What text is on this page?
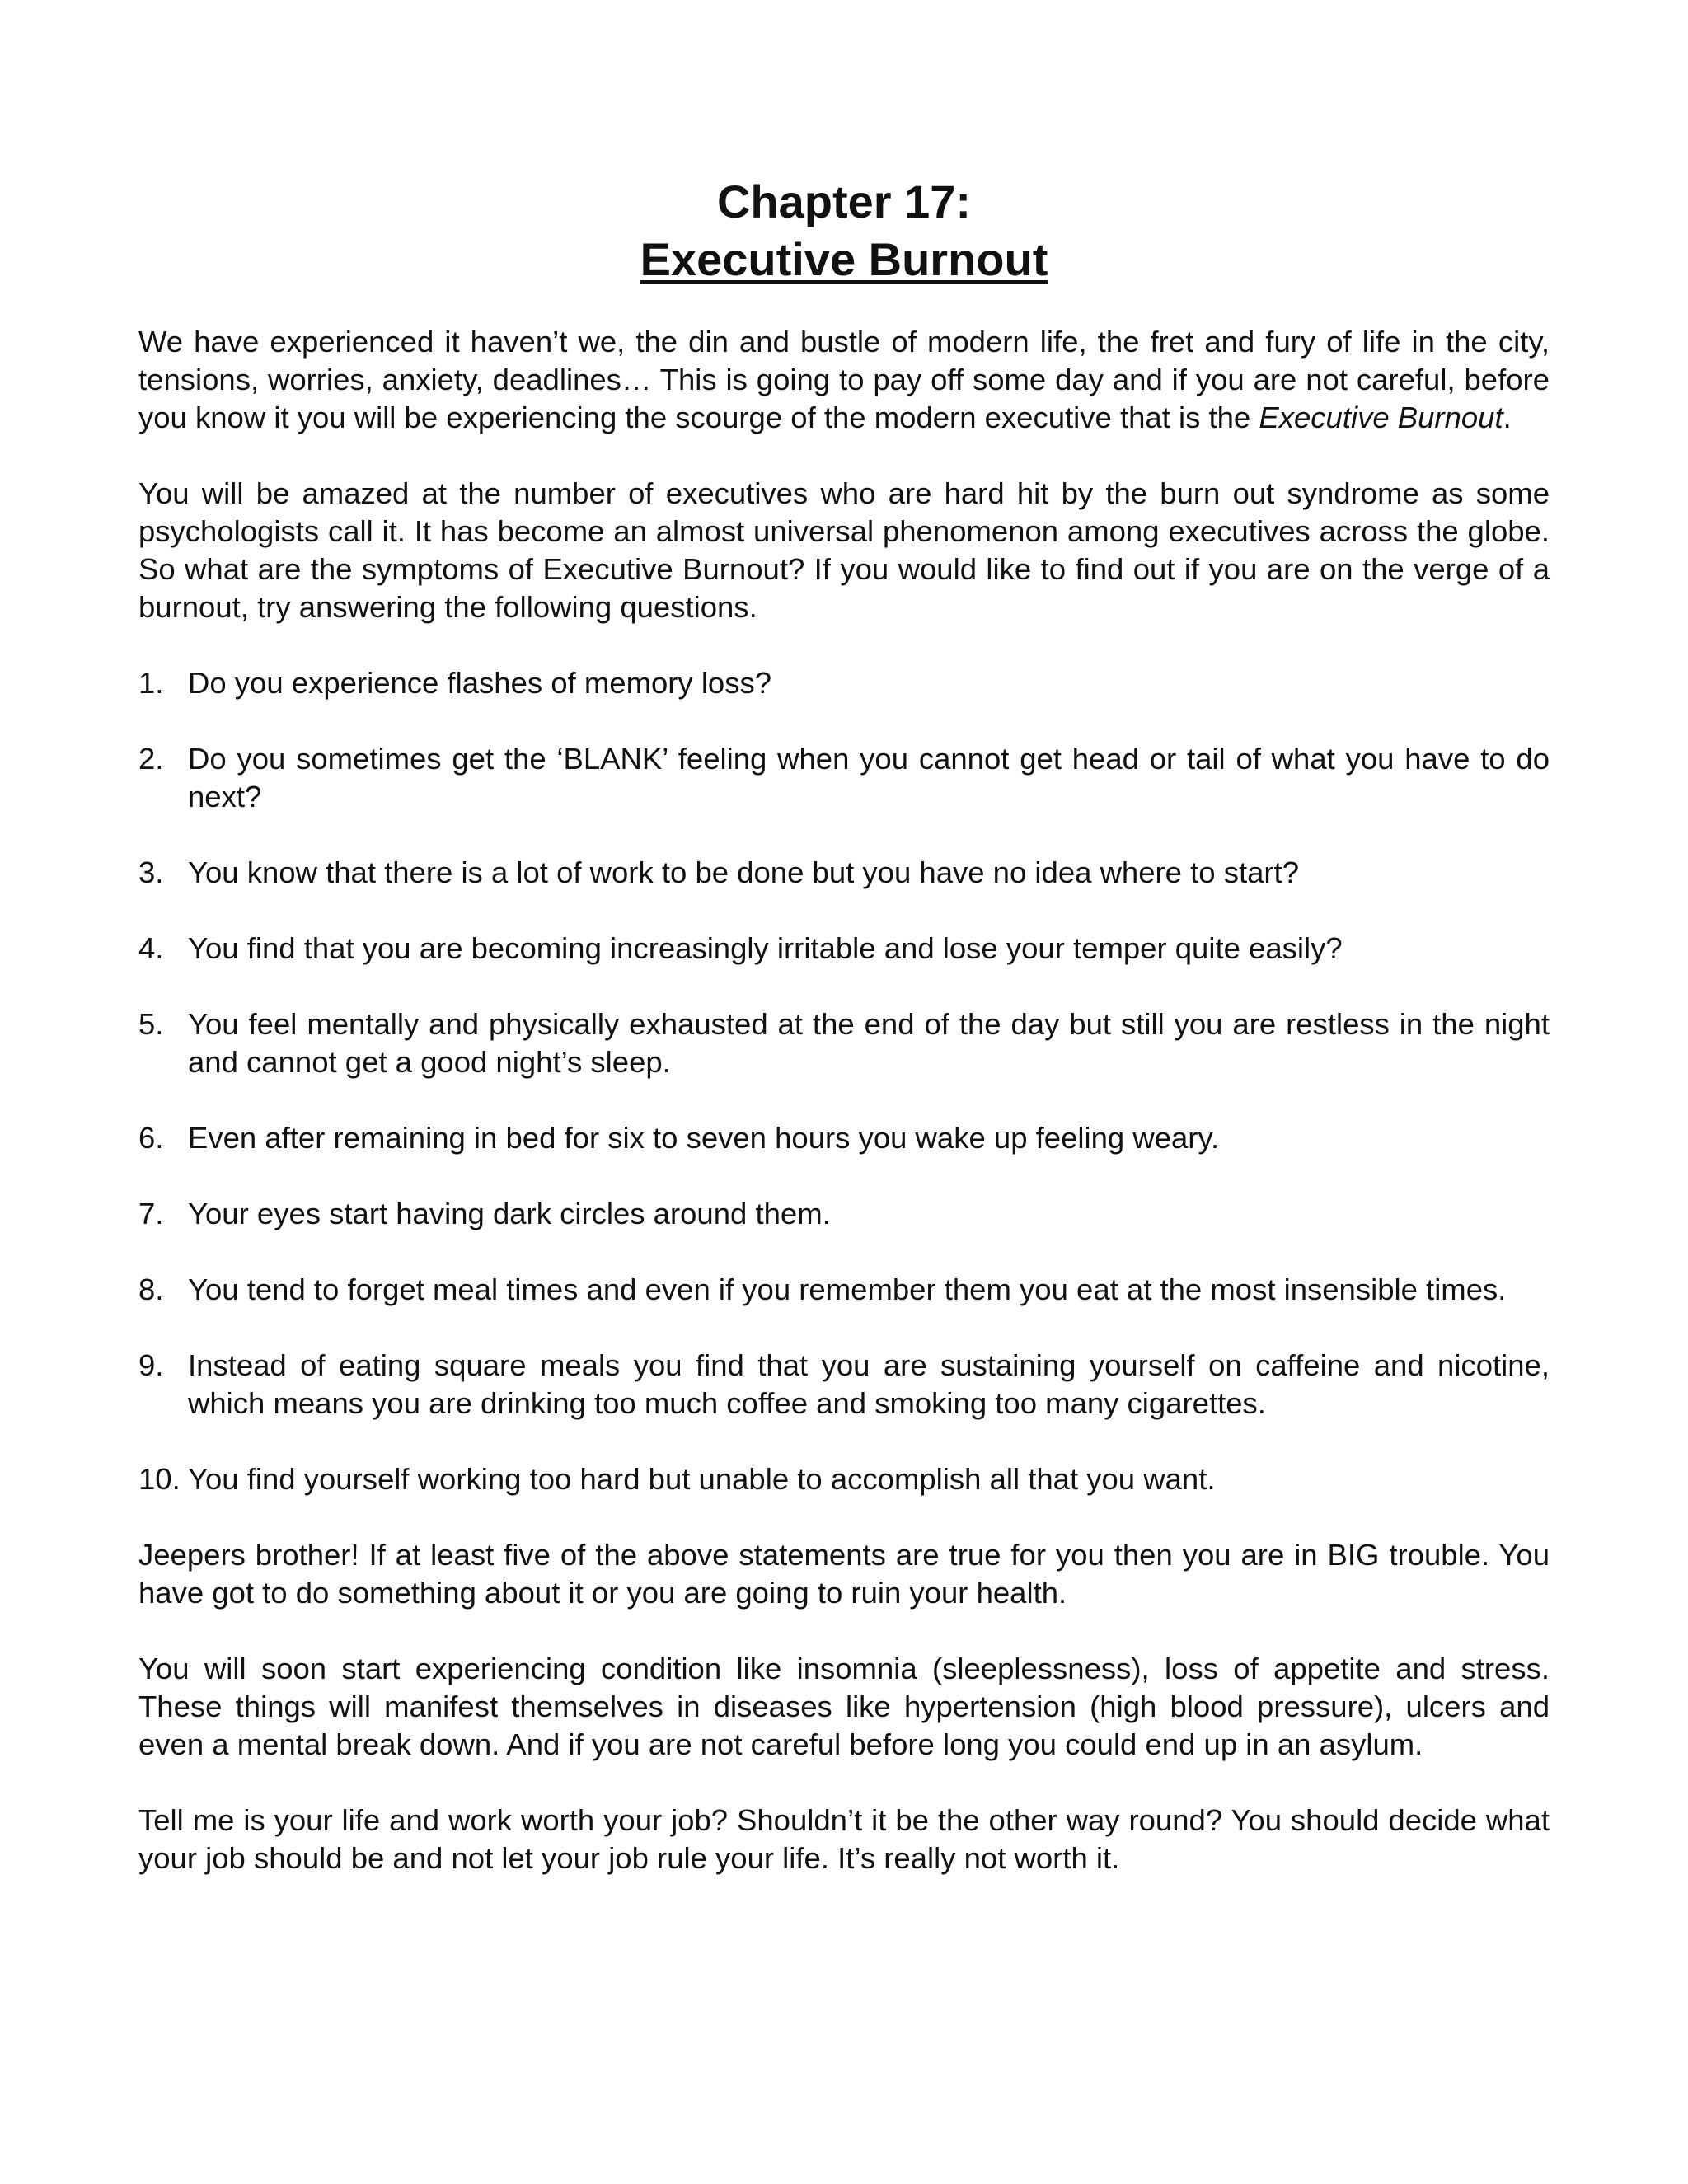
Chapter 17:
Executive Burnout

We have experienced it haven’t we, the din and bustle of modern life, the fret and fury of life in the city, tensions, worries, anxiety, deadlines… This is going to pay off some day and if you are not careful, before you know it you will be experiencing the scourge of the modern executive that is the Executive Burnout.

You will be amazed at the number of executives who are hard hit by the burn out syndrome as some psychologists call it. It has become an almost universal phenomenon among executives across the globe. So what are the symptoms of Executive Burnout? If you would like to find out if you are on the verge of a burnout, try answering the following questions.

1. Do you experience flashes of memory loss?
2. Do you sometimes get the ‘BLANK’ feeling when you cannot get head or tail of what you have to do next?
3. You know that there is a lot of work to be done but you have no idea where to start?
4. You find that you are becoming increasingly irritable and lose your temper quite easily?
5. You feel mentally and physically exhausted at the end of the day but still you are restless in the night and cannot get a good night’s sleep.
6. Even after remaining in bed for six to seven hours you wake up feeling weary.
7. Your eyes start having dark circles around them.
8. You tend to forget meal times and even if you remember them you eat at the most insensible times.
9. Instead of eating square meals you find that you are sustaining yourself on caffeine and nicotine, which means you are drinking too much coffee and smoking too many cigarettes.
10. You find yourself working too hard but unable to accomplish all that you want.

Jeepers brother! If at least five of the above statements are true for you then you are in BIG trouble. You have got to do something about it or you are going to ruin your health.

You will soon start experiencing condition like insomnia (sleeplessness), loss of appetite and stress. These things will manifest themselves in diseases like hypertension (high blood pressure), ulcers and even a mental break down. And if you are not careful before long you could end up in an asylum.

Tell me is your life and work worth your job? Shouldn’t it be the other way round? You should decide what your job should be and not let your job rule your life. It’s really not worth it.
